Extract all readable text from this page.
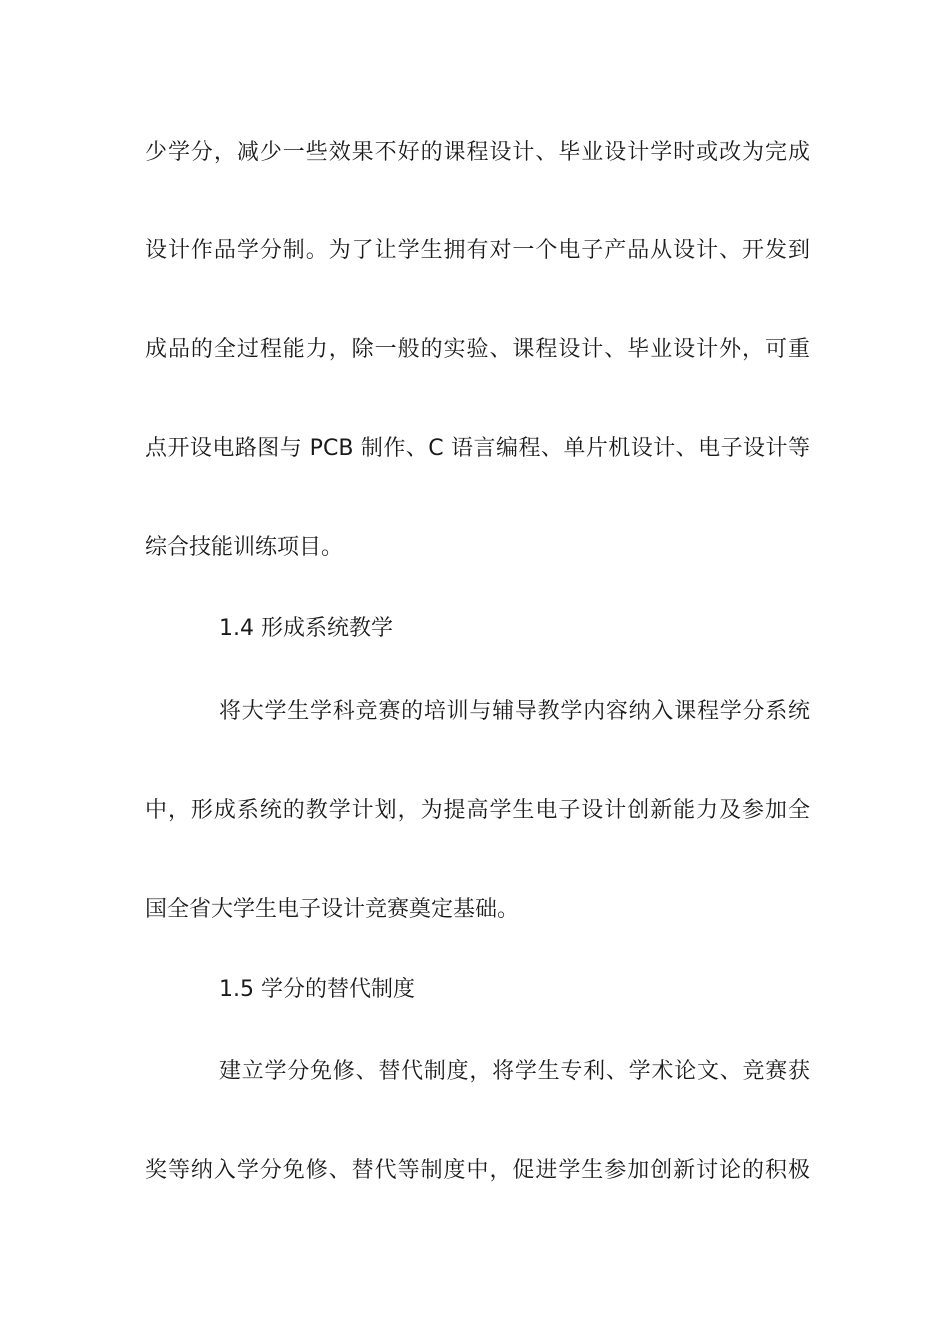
少学分，减少一些效果不好的课程设计、毕业设计学时或改为完成
设计作品学分制。为了让学生拥有对一个电子产品从设计、开发到
成品的全过程能力，除一般的实验、课程设计、毕业设计外，可重
点开设电路图与 PCB 制作、C 语言编程、单片机设计、电子设计等
综合技能训练项目。
1.4 形成系统教学
将大学生学科竞赛的培训与辅导教学内容纳入课程学分系统
中，形成系统的教学计划，为提高学生电子设计创新能力及参加全
国全省大学生电子设计竞赛奠定基础。
1.5 学分的替代制度
建立学分免修、替代制度，将学生专利、学术论文、竞赛获
奖等纳入学分免修、替代等制度中，促进学生参加创新讨论的积极
